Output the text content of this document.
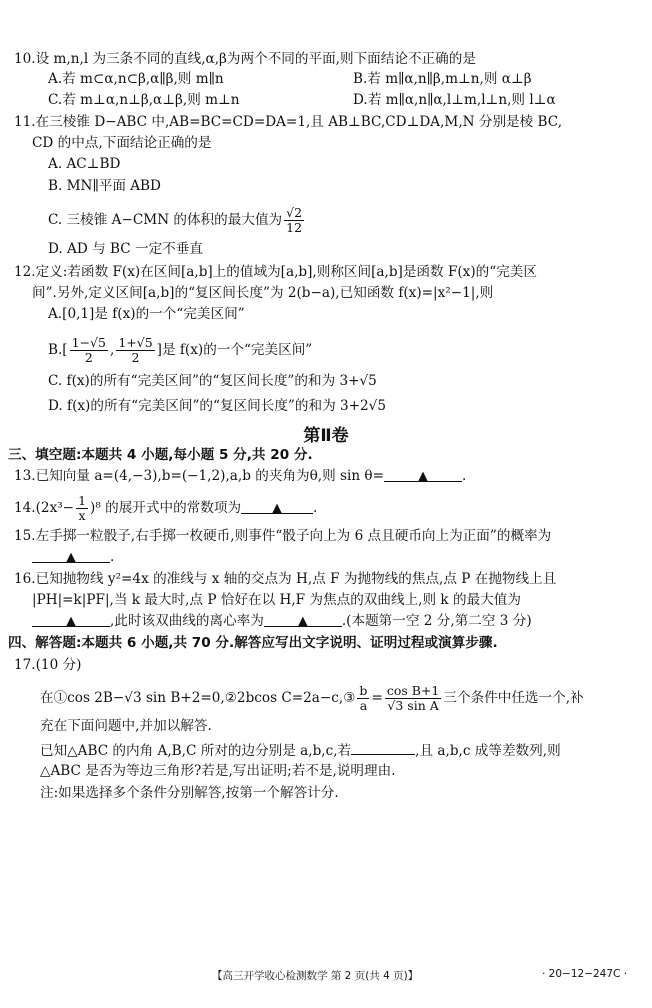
10.设 m,n,l 为三条不同的直线,α,β为两个不同的平面,则下面结论不正确的是
A.若 m⊂α,n⊂β,α∥β,则 m∥n	B.若 m∥α,n∥β,m⊥n,则 α⊥β
C.若 m⊥α,n⊥β,α⊥β,则 m⊥n	D.若 m∥α,n∥α,l⊥m,l⊥n,则 l⊥α
11.在三棱锥 D−ABC 中,AB=BC=CD=DA=1,且 AB⊥BC,CD⊥DA,M,N 分别是棱 BC,
CD 的中点,下面结论正确的是
A. AC⊥BD
B. MN∥平面 ABD
C. 三棱锥 A−CMN 的体积的最大值为 $\frac{√2}{12}$
D. AD 与 BC 一定不垂直
12.定义:若函数 F(x)在区间[a,b]上的值域为[a,b],则称区间[a,b]是函数 F(x)的“完美区
间”.另外,定义区间[a,b]的“复区间长度”为 2(b−a),已知函数 f(x)=|x²−1|,则
A.[0,1]是 f(x)的一个“完美区间”
$B.[ \frac{1-√5}{2}$ , $\frac{1+√5}{2}$ ]是 f(x)的一个“完美区间”
C. f(x)的所有“完美区间”的“复区间长度”的和为 3+√5
D. f(x)的所有“完美区间”的“复区间长度”的和为 3+2√5
第Ⅱ卷
三、填空题:本题共 4 小题,每小题 5 分,共 20 分.
13.已知向量 a=(4,−3),b=(−1,2),a,b 的夹角为θ,则 sin θ=	▲	.
$14.(2x^3- \frac{1}{x} )^8$ 的展开式中的常数项为 ▲ .
15.左手掷一粒骰子,右手掷一枚硬币,则事件“骰子向上为 6 点且硬币向上为正面”的概率为
▲	.
16.已知抛物线 y²=4x 的准线与 x 轴的交点为 H,点 F 为抛物线的焦点,点 P 在抛物线上且
|PH|=k|PF|,当 k 最大时,点 P 恰好在以 H,F 为焦点的双曲线上,则 k 的最大值为
▲	,此时该双曲线的离心率为	▲	.(本题第一空 2 分,第二空 3 分)
四、解答题:本题共 6 小题,共 70 分.解答应写出文字说明、证明过程或演算步骤.
17.(10 分)
在①cos 2B−√3 sin B+2=0,②2bcos C=2a−c,③ $\frac{b}{a} = \frac{\text{cos B+1}}{\text{√3 sin A}}$ 三个条件中任选一个,补
充在下面问题中,并加以解答.
已知△ABC 的内角 A,B,C 所对的边分别是 a,b,c,若	,且 a,b,c 成等差数列,则
△ABC 是否为等边三角形?若是,写出证明;若不是,说明理由.
注:如果选择多个条件分别解答,按第一个解答计分.
【高三开学收心检测数学 第 2 页(共 4 页)】	· 20−12−247C ·
